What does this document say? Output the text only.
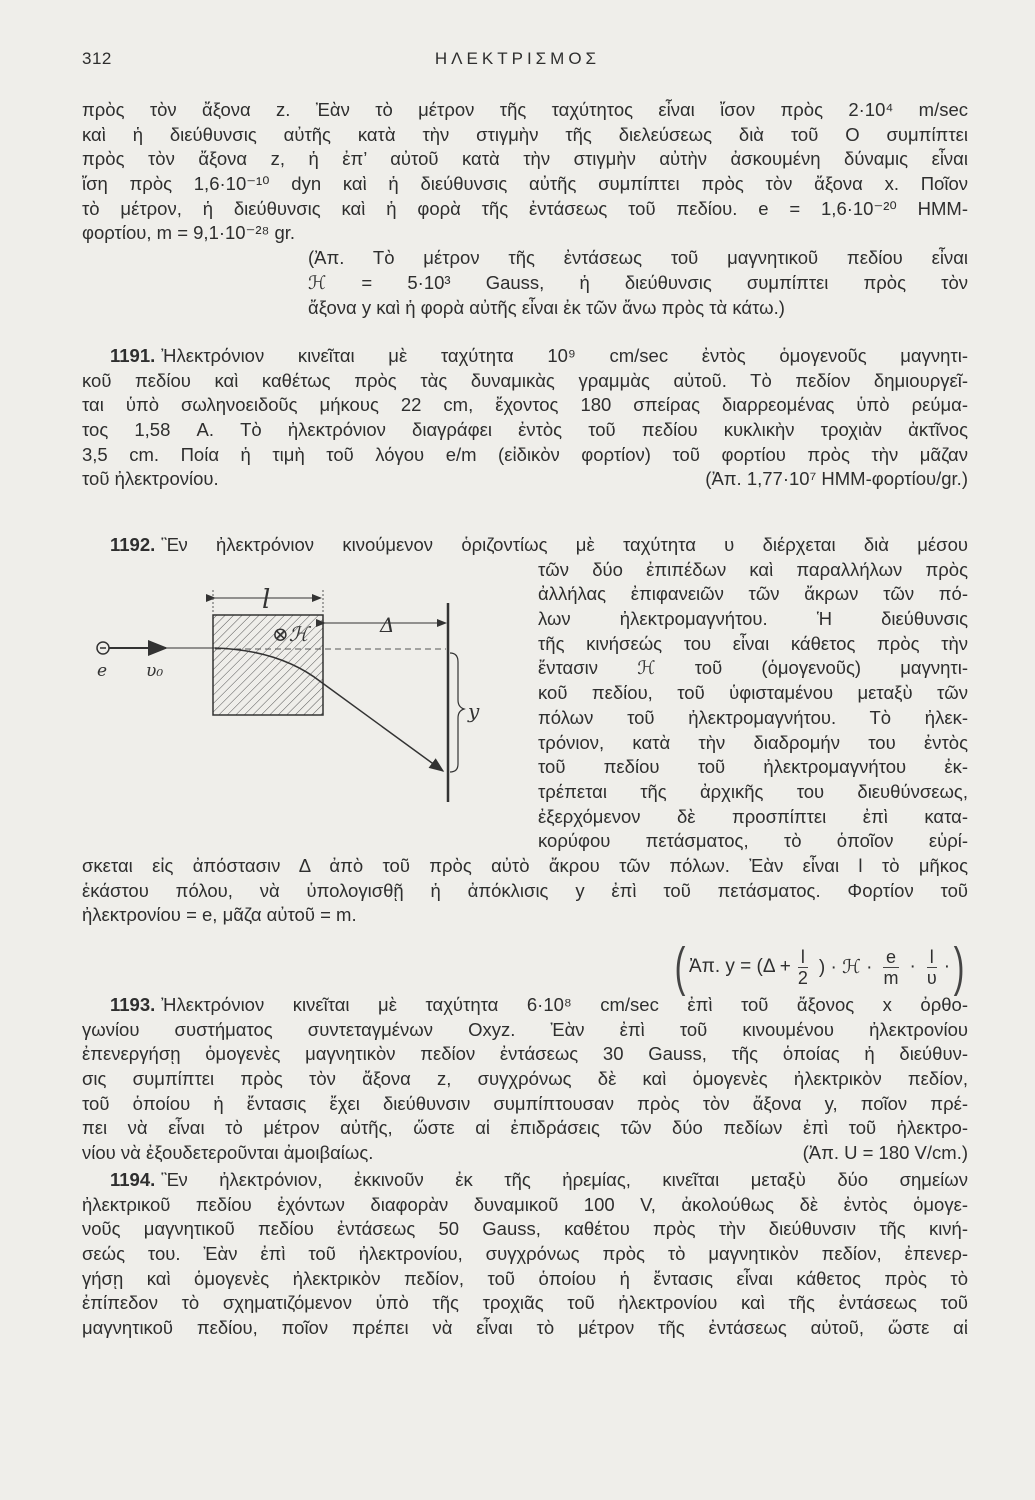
312	ΗΛΕΚΤΡΙΣΜΟΣ
πρὸς τὸν ἄξονα z. Ἐὰν τὸ μέτρον τῆς ταχύτητος εἶναι ἴσον πρὸς 2·10⁴ m/sec
καὶ ἡ διεύθυνσις αὐτῆς κατὰ τὴν στιγμὴν τῆς διελεύσεως διὰ τοῦ Ο συμπίπτει
πρὸς τὸν ἄξονα z, ἡ ἐπ’ αὐτοῦ κατὰ τὴν στιγμὴν αὐτὴν ἀσκουμένη δύναμις εἶναι
ἴση πρὸς 1,6·10⁻¹⁰ dyn καὶ ἡ διεύθυνσις αὐτῆς συμπίπτει πρὸς τὸν ἄξονα x. Ποῖον
τὸ μέτρον, ἡ διεύθυνσις καὶ ἡ φορὰ τῆς ἐντάσεως τοῦ πεδίου. e = 1,6·10⁻²⁰ ΗΜΜ-
φορτίου, m = 9,1·10⁻²⁸ gr.
(Ἀπ. Τὸ μέτρον τῆς ἐντάσεως τοῦ μαγνητικοῦ πεδίου εἶναι
ℋ = 5·10³ Gauss, ἡ διεύθυνσις συμπίπτει πρὸς τὸν
ἄξονα y καὶ ἡ φορὰ αὐτῆς εἶναι ἐκ τῶν ἄνω πρὸς τὰ κάτω.)
1191. Ἠλεκτρόνιον κινεῖται μὲ ταχύτητα 10⁹ cm/sec ἐντὸς ὁμογενοῦς μαγνητι-
κοῦ πεδίου καὶ καθέτως πρὸς τὰς δυναμικὰς γραμμὰς αὐτοῦ. Τὸ πεδίον δημιουργεῖ-
ται ὑπὸ σωληνοειδοῦς μήκους 22 cm, ἔχοντος 180 σπείρας διαρρεομένας ὑπὸ ρεύμα-
τος 1,58 A. Τὸ ἠλεκτρόνιον διαγράφει ἐντὸς τοῦ πεδίου κυκλικὴν τροχιὰν ἀκτῖνος
3,5 cm. Ποία ἡ τιμὴ τοῦ λόγου e/m (εἰδικὸν φορτίον) τοῦ φορτίου πρὸς τὴν μᾶζαν
τοῦ ἠλεκτρονίου.	(Ἀπ. 1,77·10⁷ ΗΜΜ-φορτίου/gr.)
1192. Ἓν ἠλεκτρόνιον κινούμενον ὁριζοντίως μὲ ταχύτητα υ διέρχεται διὰ μέσου
τῶν δύο ἐπιπέδων καὶ παραλλήλων πρὸς
ἀλλήλας ἐπιφανειῶν τῶν ἄκρων τῶν πό-
λων ἠλεκτρομαγνήτου. Ἡ διεύθυνσις
τῆς κινήσεώς του εἶναι κάθετος πρὸς τὴν
ἔντασιν ℋ τοῦ (ὁμογενοῦς) μαγνητι-
κοῦ πεδίου, τοῦ ὑφισταμένου μεταξὺ τῶν
πόλων τοῦ ἠλεκτρομαγνήτου. Τὸ ἠλεκ-
τρόνιον, κατὰ τὴν διαδρομήν του ἐντὸς
τοῦ πεδίου τοῦ ἠλεκτρομαγνήτου ἐκ-
τρέπεται τῆς ἀρχικῆς του διευθύνσεως,
ἐξερχόμενον δὲ προσπίπτει ἐπὶ κατα-
κορύφου πετάσματος, τὸ ὁποῖον εὑρί-
σκεται εἰς ἀπόστασιν Δ ἀπὸ τοῦ πρὸς αὐτὸ ἄκρου τῶν πόλων. Ἐὰν εἶναι l τὸ μῆκος
ἑκάστου πόλου, νὰ ὑπολογισθῇ ἡ ἀπόκλισις y ἐπὶ τοῦ πετάσματος. Φορτίον τοῦ
ἠλεκτρονίου = e, μᾶζα αὐτοῦ = m.
( Ἀπ. $y = (\Delta + \frac{l}{2}$ ) · ℋ · $\frac{e}{m} \cdot \frac{l}{\upsilon}$ · )
l
Δ
⊗ℋ
e υ₀
y
1193. Ἠλεκτρόνιον κινεῖται μὲ ταχύτητα 6·10⁸ cm/sec ἐπὶ τοῦ ἄξονος x ὀρθο-
γωνίου συστήματος συντεταγμένων Oxyz. Ἐὰν ἐπὶ τοῦ κινουμένου ἠλεκτρονίου
ἐπενεργήσῃ ὁμογενὲς μαγνητικὸν πεδίον ἐντάσεως 30 Gauss, τῆς ὁποίας ἡ διεύθυν-
σις συμπίπτει πρὸς τὸν ἄξονα z, συγχρόνως δὲ καὶ ὁμογενὲς ἠλεκτρικὸν πεδίον,
τοῦ ὁποίου ἡ ἔντασις ἔχει διεύθυνσιν συμπίπτουσαν πρὸς τὸν ἄξονα y, ποῖον πρέ-
πει νὰ εἶναι τὸ μέτρον αὐτῆς, ὥστε αἱ ἐπιδράσεις τῶν δύο πεδίων ἐπὶ τοῦ ἠλεκτρο-
νίου νὰ ἐξουδετεροῦνται ἀμοιβαίως.	(Ἀπ. U = 180 V/cm.)
1194. Ἓν ἠλεκτρόνιον, ἐκκινοῦν ἐκ τῆς ἠρεμίας, κινεῖται μεταξὺ δύο σημείων
ἠλεκτρικοῦ πεδίου ἐχόντων διαφορὰν δυναμικοῦ 100 V, ἀκολούθως δὲ ἐντὸς ὁμογε-
νοῦς μαγνητικοῦ πεδίου ἐντάσεως 50 Gauss, καθέτου πρὸς τὴν διεύθυνσιν τῆς κινή-
σεώς του. Ἐὰν ἐπὶ τοῦ ἠλεκτρονίου, συγχρόνως πρὸς τὸ μαγνητικὸν πεδίον, ἐπενερ-
γήσῃ καὶ ὁμογενὲς ἠλεκτρικὸν πεδίον, τοῦ ὁποίου ἡ ἔντασις εἶναι κάθετος πρὸς τὸ
ἐπίπεδον τὸ σχηματιζόμενον ὑπὸ τῆς τροχιᾶς τοῦ ἠλεκτρονίου καὶ τῆς ἐντάσεως τοῦ
μαγνητικοῦ πεδίου, ποῖον πρέπει νὰ εἶναι τὸ μέτρον τῆς ἐντάσεως αὐτοῦ, ὥστε αἱ
